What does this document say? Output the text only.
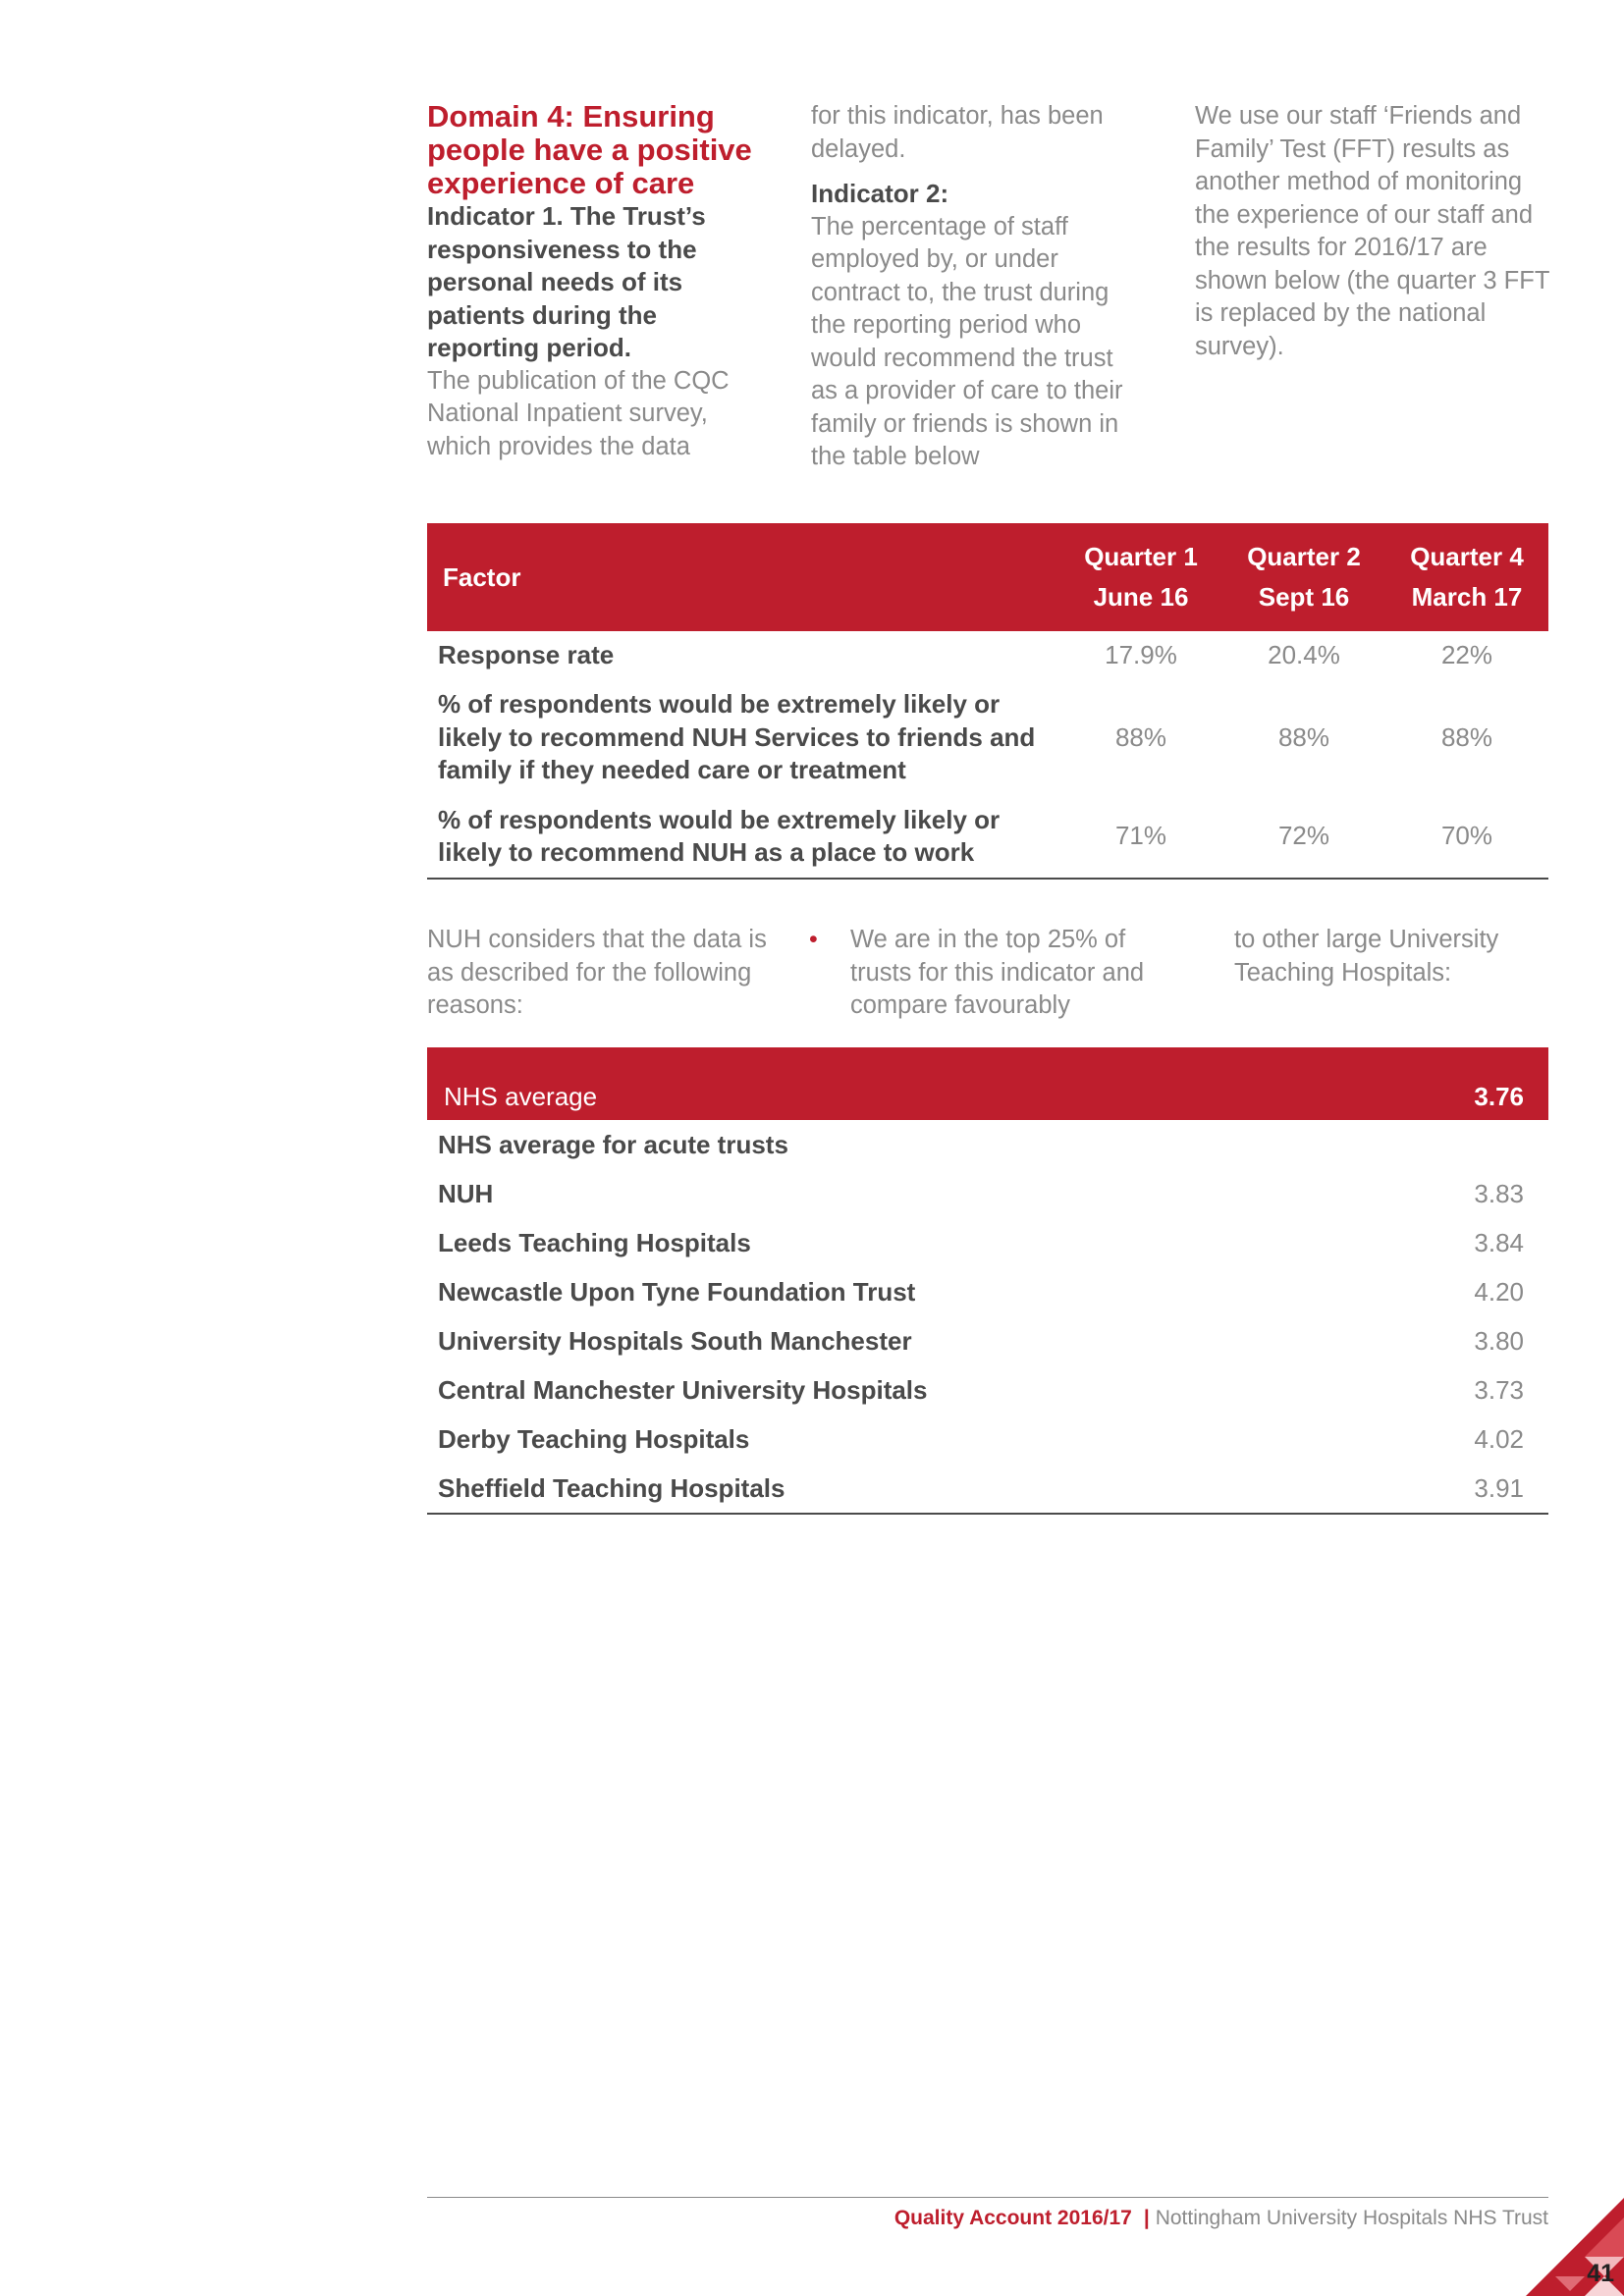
Domain 4: Ensuring people have a positive experience of care

Indicator 1. The Trust’s responsiveness to the personal needs of its patients during the reporting period.

The publication of the CQC National Inpatient survey, which provides the data

for this indicator, has been delayed.

Indicator 2:

The percentage of staff employed by, or under contract to, the trust during the reporting period who would recommend the trust as a provider of care to their family or friends is shown in the table below

We use our staff ‘Friends and Family’ Test (FFT) results as another method of monitoring the experience of our staff and the results for 2016/17 are shown below (the quarter 3 FFT is replaced by the national survey).

Factor	Quarter 1	Quarter 2	Quarter 4
	June 16	Sept 16	March 17
Response rate	17.9%	20.4%	22%
% of respondents would be extremely likely or likely to recommend NUH Services to friends and family if they needed care or treatment	88%	88%	88%
% of respondents would be extremely likely or likely to recommend NUH as a place to work	71%	72%	70%

NUH considers that the data is as described for the following reasons:

• We are in the top 25% of trusts for this indicator and compare favourably

to other large University Teaching Hospitals:

NHS average	3.76
NHS average for acute trusts	
NUH	3.83
Leeds Teaching Hospitals	3.84
Newcastle Upon Tyne Foundation Trust	4.20
University Hospitals South Manchester	3.80
Central Manchester University Hospitals	3.73
Derby Teaching Hospitals	4.02
Sheffield Teaching Hospitals	3.91
Quality Account 2016/17 | Nottingham University Hospitals NHS Trust
41
